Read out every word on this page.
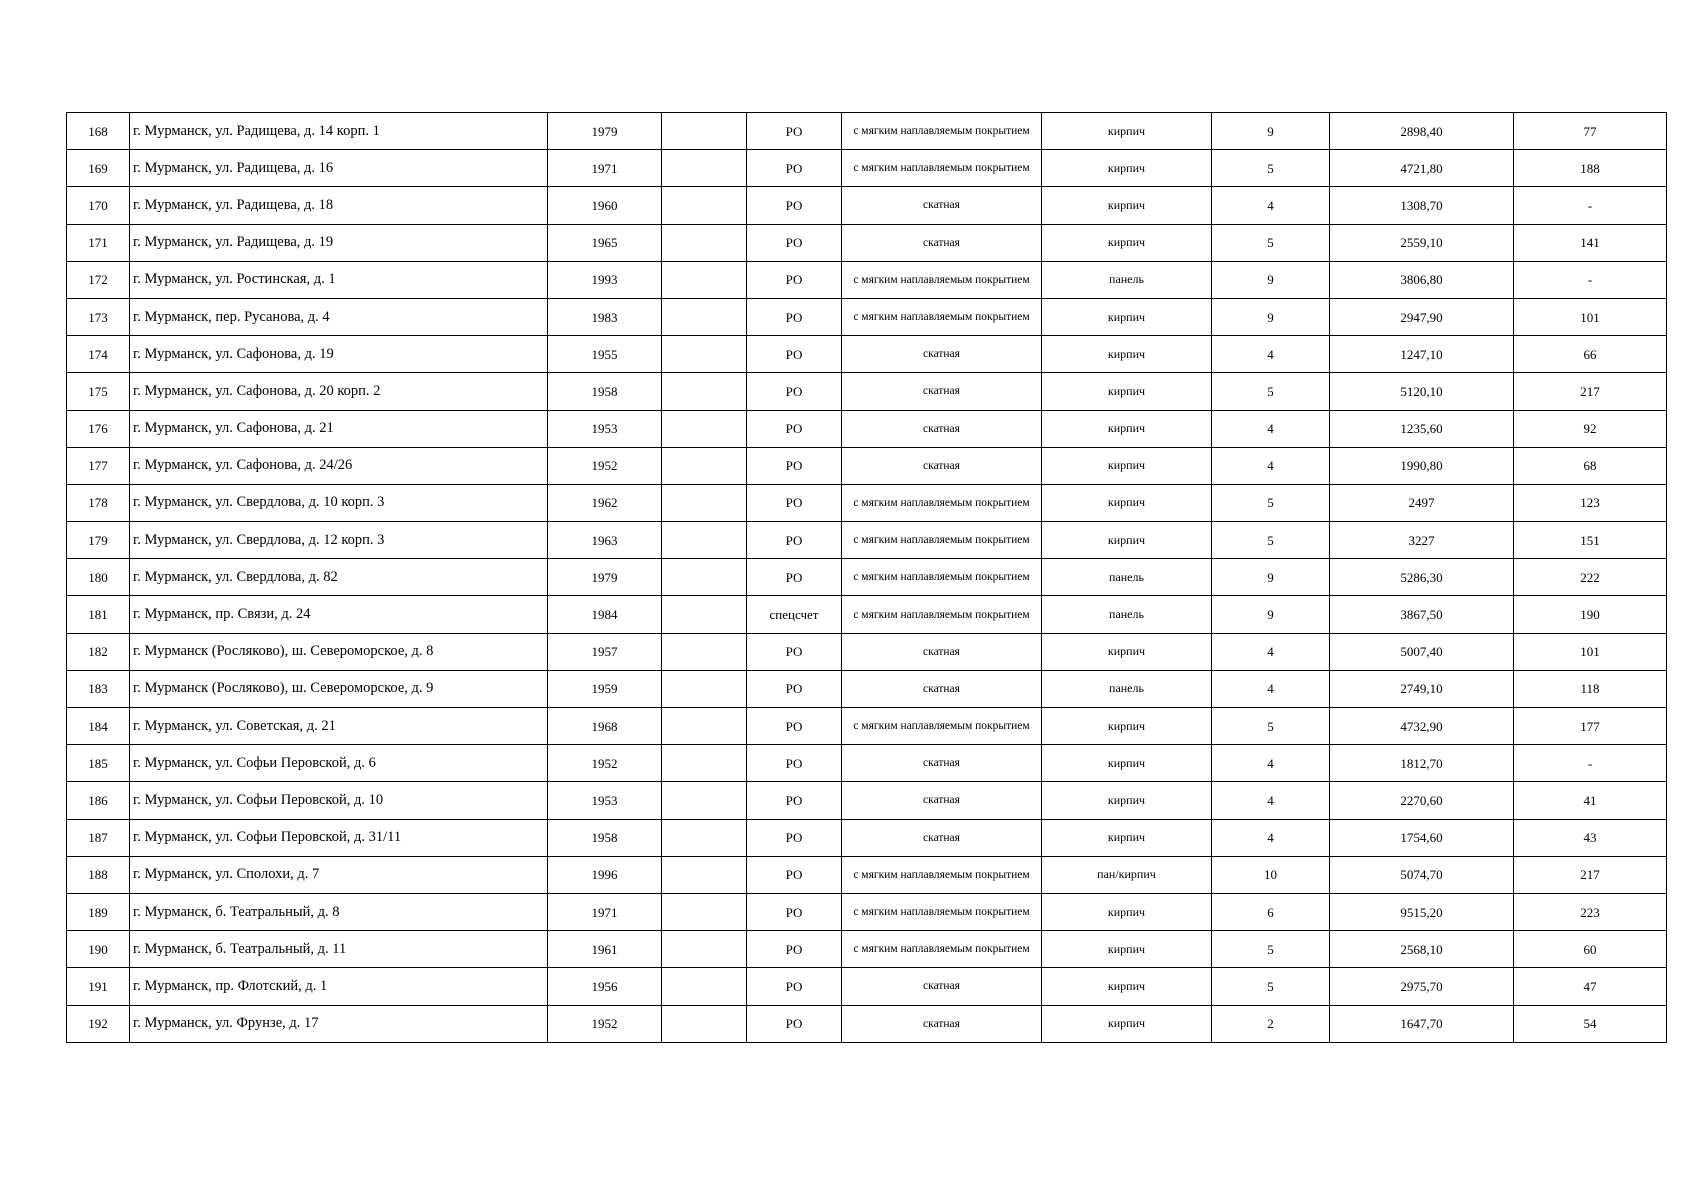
168	г. Мурманск, ул. Радищева, д. 14 корп. 1	1979		РО	с мягким наплавляемым покрытием	кирпич	9	2898,40	77
169	г. Мурманск, ул. Радищева, д. 16	1971		РО	с мягким наплавляемым покрытием	кирпич	5	4721,80	188
170	г. Мурманск, ул. Радищева, д. 18	1960		РО	скатная	кирпич	4	1308,70	-
171	г. Мурманск, ул. Радищева, д. 19	1965		РО	скатная	кирпич	5	2559,10	141
172	г. Мурманск, ул. Ростинская, д. 1	1993		РО	с мягким наплавляемым покрытием	панель	9	3806,80	-
173	г. Мурманск, пер. Русанова, д. 4	1983		РО	с мягким наплавляемым покрытием	кирпич	9	2947,90	101
174	г. Мурманск, ул. Сафонова, д. 19	1955		РО	скатная	кирпич	4	1247,10	66
175	г. Мурманск, ул. Сафонова, д. 20 корп. 2	1958		РО	скатная	кирпич	5	5120,10	217
176	г. Мурманск, ул. Сафонова, д. 21	1953		РО	скатная	кирпич	4	1235,60	92
177	г. Мурманск, ул. Сафонова, д. 24/26	1952		РО	скатная	кирпич	4	1990,80	68
178	г. Мурманск, ул. Свердлова, д. 10 корп. 3	1962		РО	с мягким наплавляемым покрытием	кирпич	5	2497	123
179	г. Мурманск, ул. Свердлова, д. 12 корп. 3	1963		РО	с мягким наплавляемым покрытием	кирпич	5	3227	151
180	г. Мурманск, ул. Свердлова, д. 82	1979		РО	с мягким наплавляемым покрытием	панель	9	5286,30	222
181	г. Мурманск, пр. Связи, д. 24	1984		спецсчет	с мягким наплавляемым покрытием	панель	9	3867,50	190
182	г. Мурманск (Росляково), ш. Североморское, д. 8	1957		РО	скатная	кирпич	4	5007,40	101
183	г. Мурманск (Росляково), ш. Североморское, д. 9	1959		РО	скатная	панель	4	2749,10	118
184	г. Мурманск, ул. Советская, д. 21	1968		РО	с мягким наплавляемым покрытием	кирпич	5	4732,90	177
185	г. Мурманск, ул. Софьи Перовской, д. 6	1952		РО	скатная	кирпич	4	1812,70	-
186	г. Мурманск, ул. Софьи Перовской, д. 10	1953		РО	скатная	кирпич	4	2270,60	41
187	г. Мурманск, ул. Софьи Перовской, д. 31/11	1958		РО	скатная	кирпич	4	1754,60	43
188	г. Мурманск, ул. Сполохи, д. 7	1996		РО	с мягким наплавляемым покрытием	пан/кирпич	10	5074,70	217
189	г. Мурманск, б. Театральный, д. 8	1971		РО	с мягким наплавляемым покрытием	кирпич	6	9515,20	223
190	г. Мурманск, б. Театральный, д. 11	1961		РО	с мягким наплавляемым покрытием	кирпич	5	2568,10	60
191	г. Мурманск, пр. Флотский, д. 1	1956		РО	скатная	кирпич	5	2975,70	47
192	г. Мурманск, ул. Фрунзе, д. 17	1952		РО	скатная	кирпич	2	1647,70	54
